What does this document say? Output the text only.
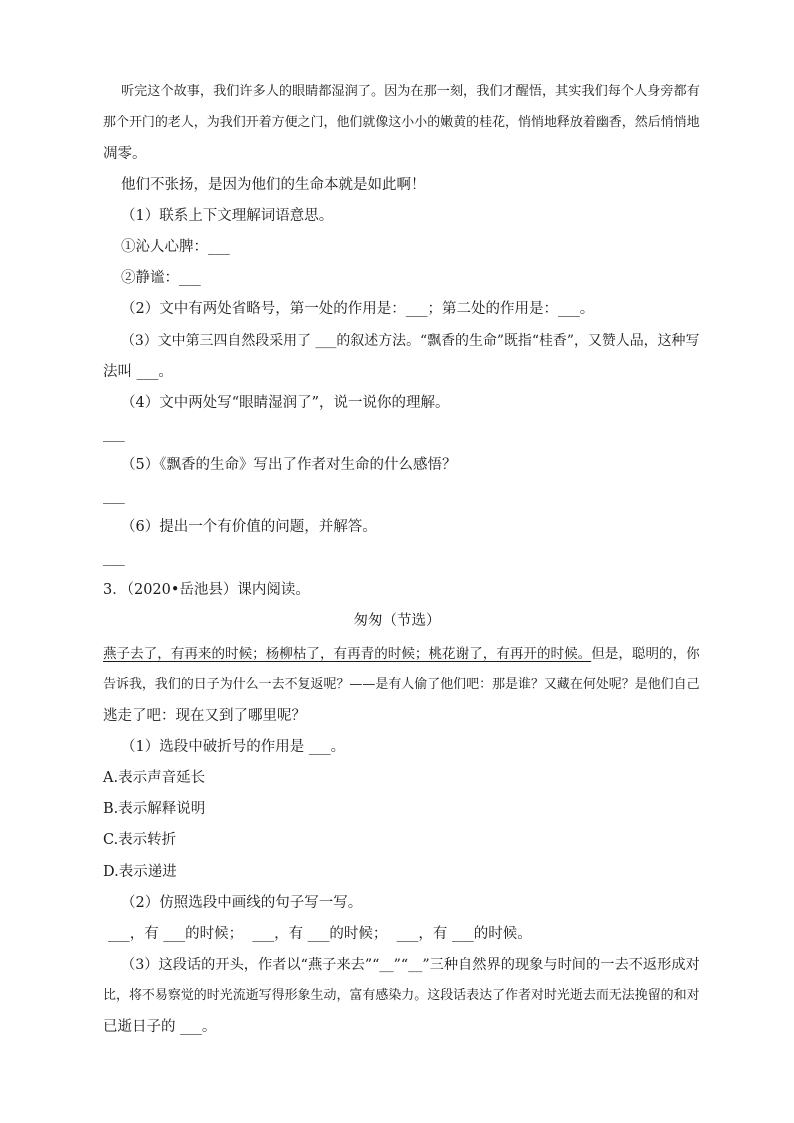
听完这个故事，我们许多人的眼睛都湿润了。因为在那一刻，我们才醒悟，其实我们每个人身旁都有
那个开门的老人，为我们开着方便之门，他们就像这小小的嫩黄的桂花，悄悄地释放着幽香，然后悄悄地
凋零。
他们不张扬，是因为他们的生命本就是如此啊！
（1）联系上下文理解词语意思。
①沁人心脾：___
②静谧：___
（2）文中有两处省略号，第一处的作用是：___；第二处的作用是：___。
（3）文中第三四自然段采用了 ___的叙述方法。“飘香的生命”既指“桂香”，又赞人品，这种写
法叫 ___。
（4）文中两处写“眼睛湿润了”，说一说你的理解。
___
（5）《飘香的生命》写出了作者对生命的什么感悟？
___
（6）提出一个有价值的问题，并解答。
___
3．（2020•岳池县）课内阅读。
匆匆（节选）
燕子去了，有再来的时候；杨柳枯了，有再青的时候；桃花谢了，有再开的时候。但是，聪明的，你
告诉我，我们的日子为什么一去不复返呢？——是有人偷了他们吧：那是谁？又藏在何处呢？是他们自己
逃走了吧：现在又到了哪里呢？
（1）选段中破折号的作用是 ___。
A.表示声音延长
B.表示解释说明
C.表示转折
D.表示递进
（2）仿照选段中画线的句子写一写。
___，有 ___的时候；  ___，有 ___的时候；  ___，有 ___的时候。
（3）这段话的开头，作者以“燕子来去”“__”“__”三种自然界的现象与时间的一去不返形成对
比，将不易察觉的时光流逝写得形象生动，富有感染力。这段话表达了作者对时光逝去而无法挽留的和对
已逝日子的 ___。
